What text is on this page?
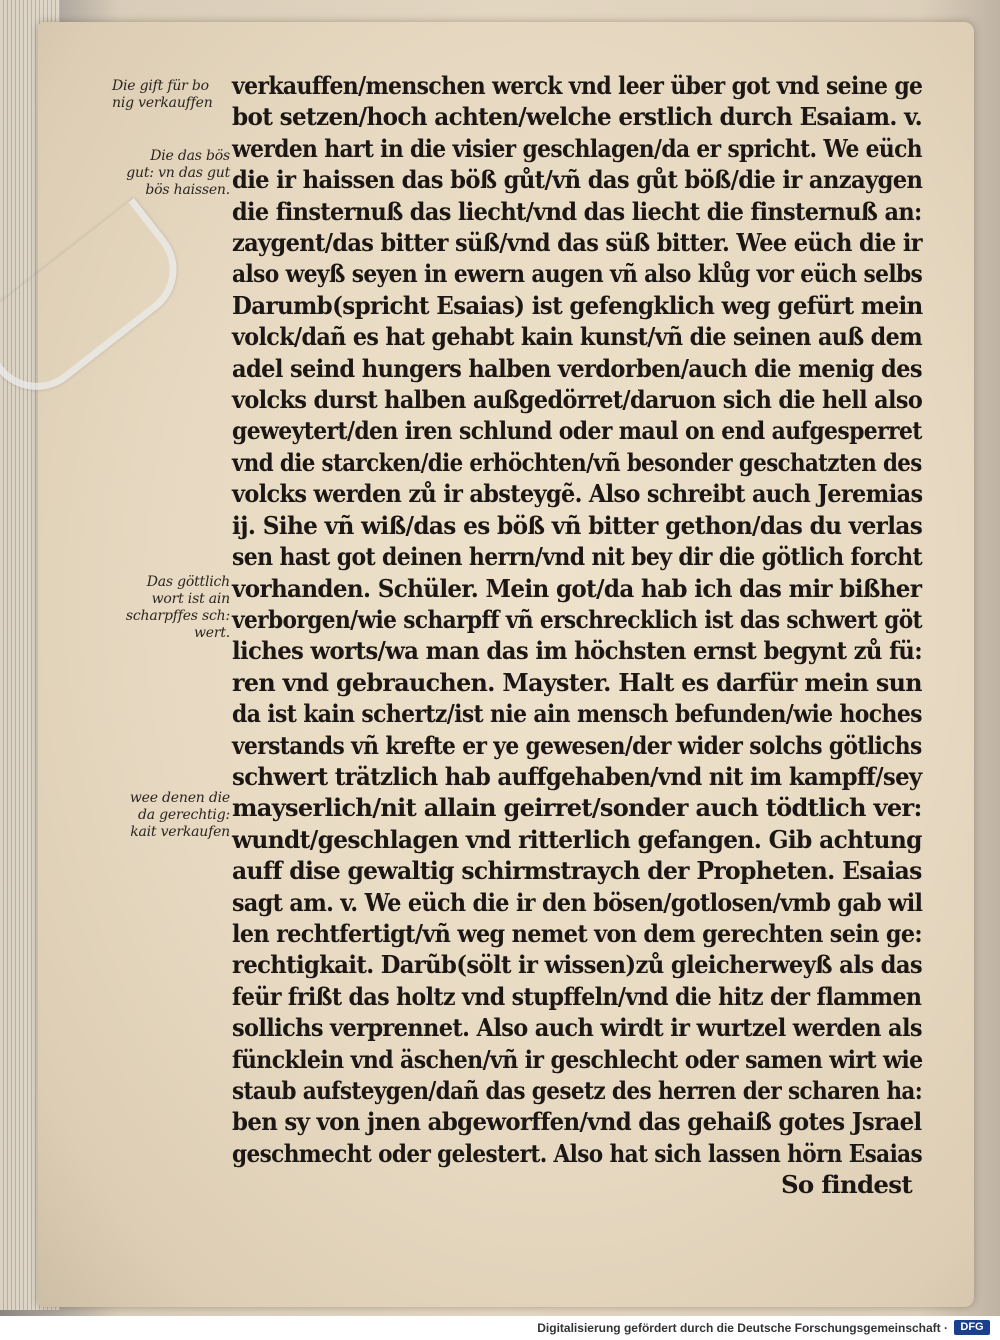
Die gift für bo
nig verkauffen
Die das bös
gut: vn das gut
bös haissen.
Das göttlich
wort ist ain
scharpffes sch:
wert.
wee denen die
da gerechtig:
kait verkaufen
verkauffen/menschen werck vnd leer über got vnd seine ge
bot setzen/hoch achten/welche erstlich durch Esaiam. v.
werden hart in die visier geschlagen/da er spricht. We eüch
die ir haissen das böß gůt/vñ das gůt böß/die ir anzaygen
die finsternuß das liecht/vnd das liecht die finsternuß an:
zaygent/das bitter süß/vnd das süß bitter. Wee eüch die ir
also weyß seyen in ewern augen vñ also klůg vor eüch selbs
Darumb(spricht Esaias) ist gefengklich weg gefürt mein
volck/dañ es hat gehabt kain kunst/vñ die seinen auß dem
adel seind hungers halben verdorben/auch die menig des
volcks durst halben außgedörret/daruon sich die hell also
geweytert/den iren schlund oder maul on end aufgesperret
vnd die starcken/die erhöchten/vñ besonder geschatzten des
volcks werden zů ir absteygẽ. Also schreibt auch Jeremias
ij. Sihe vñ wiß/das es böß vñ bitter gethon/das du verlas
sen hast got deinen herrn/vnd nit bey dir die götlich forcht
vorhanden. Schüler. Mein got/da hab ich das mir bißher
verborgen/wie scharpff vñ erschrecklich ist das schwert göt
liches worts/wa man das im höchsten ernst begynt zů fü:
ren vnd gebrauchen. Mayster. Halt es darfür mein sun
da ist kain schertz/ist nie ain mensch befunden/wie hoches
verstands vñ krefte er ye gewesen/der wider solchs götlichs
schwert trätzlich hab auffgehaben/vnd nit im kampff/sey
mayserlich/nit allain geirret/sonder auch tödtlich ver:
wundt/geschlagen vnd ritterlich gefangen. Gib achtung
auff dise gewaltig schirmstraych der Propheten. Esaias
sagt am. v. We eüch die ir den bösen/gotlosen/vmb gab wil
len rechtfertigt/vñ weg nemet von dem gerechten sein ge:
rechtigkait. Darũb(sölt ir wissen)zů gleicherweyß als das
feür frißt das holtz vnd stupffeln/vnd die hitz der flammen
sollichs verprennet. Also auch wirdt ir wurtzel werden als
füncklein vnd äschen/vñ ir geschlecht oder samen wirt wie
staub aufsteygen/dañ das gesetz des herren der scharen ha:
ben sy von jnen abgeworffen/vnd das gehaiß gotes Jsrael
geschmecht oder gelestert. Also hat sich lassen hörn Esaias
So findest
Digitalisierung gefördert durch die Deutsche Forschungsgemeinschaft ·	DFG
